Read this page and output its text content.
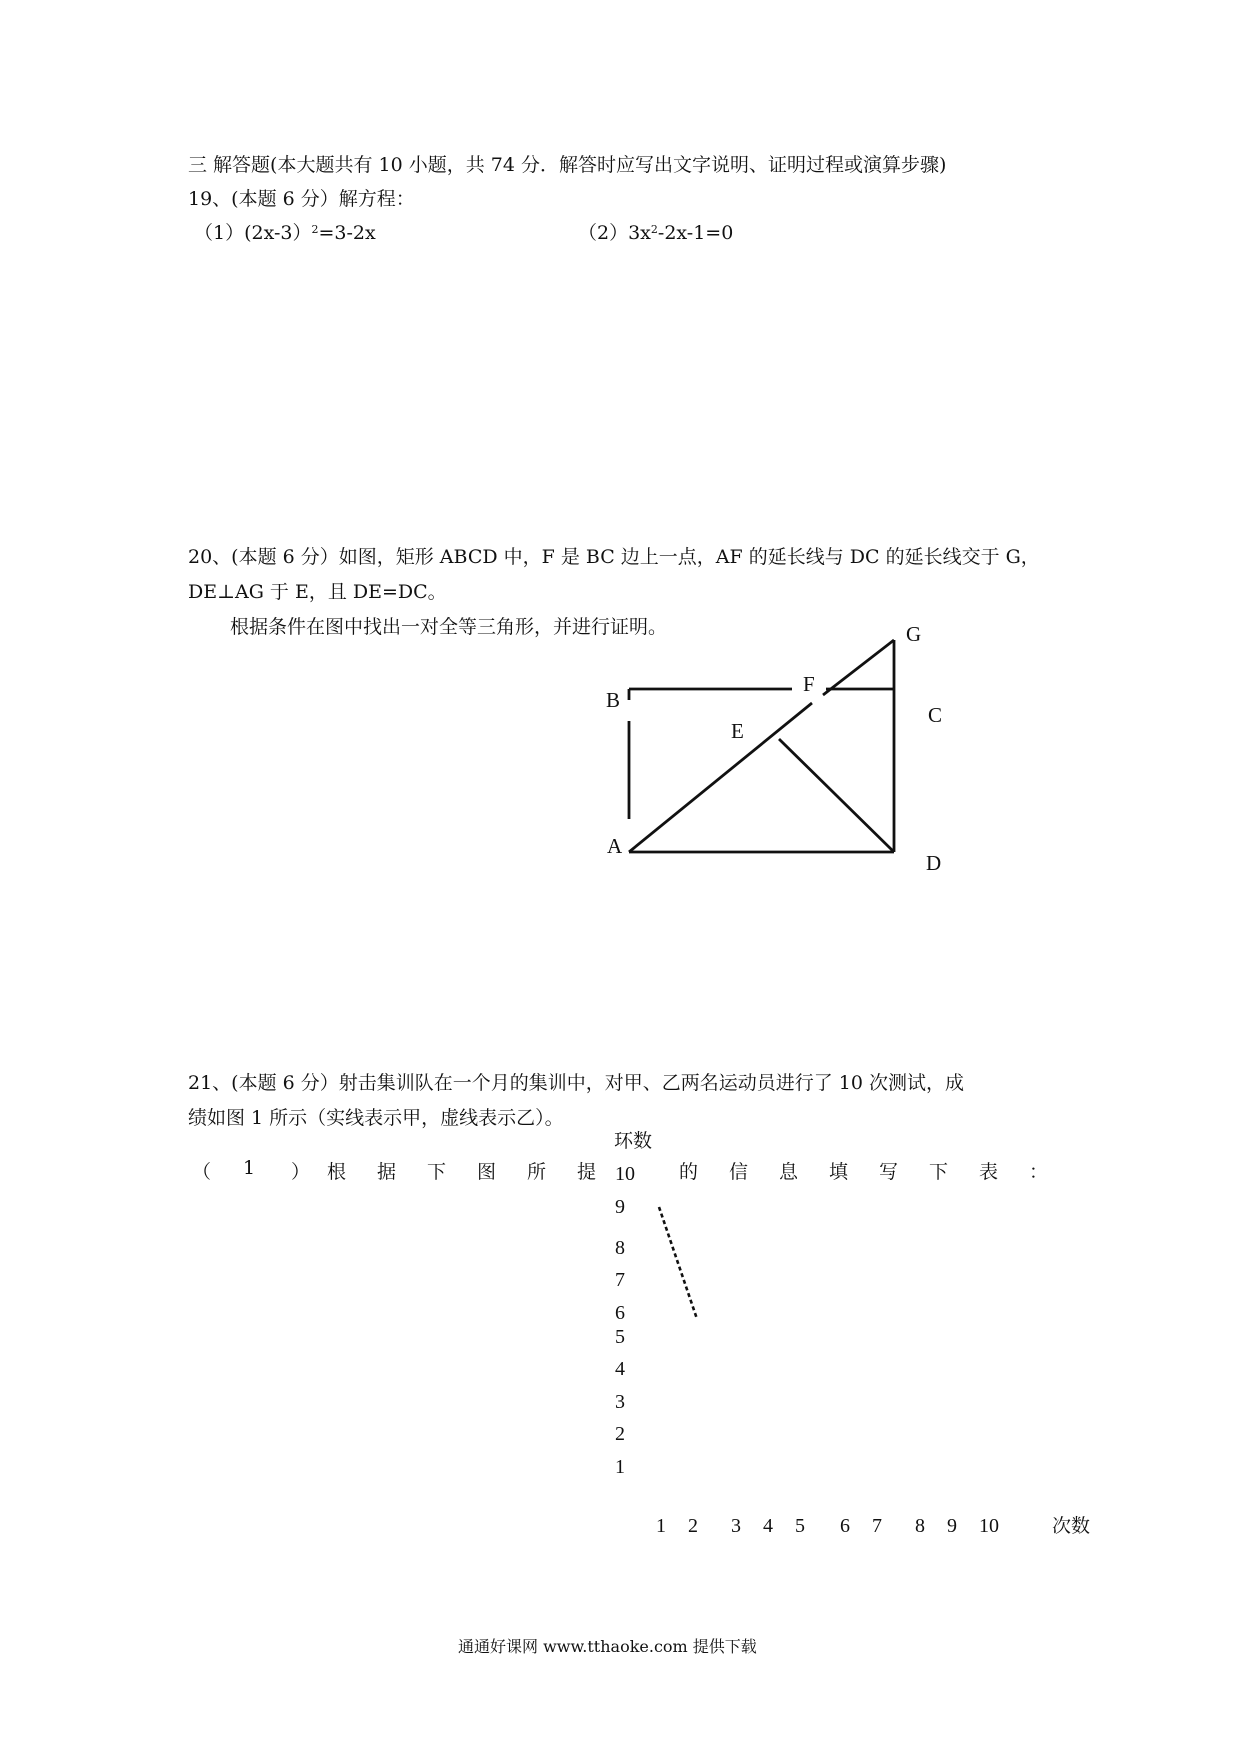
三 解答题(本大题共有 10 小题，共 74 分．解答时应写出文字说明、证明过程或演算步骤)
19、(本题 6 分）解方程：
（1）(2x-3）$^2$=3-2x	$(2)3x^2-2x-1=0$
20、(本题 6 分）如图，矩形 ABCD 中，F 是 BC 边上一点，AF 的延长线与 DC 的延长线交于 G，
DE⊥AG 于 E，且 DE=DC。
根据条件在图中找出一对全等三角形，并进行证明。	G
F
B
C
E
A
D
21、(本题 6 分）射击集训队在一个月的集训中，对甲、乙两名运动员进行了 10 次测试，成
绩如图 1 所示（实线表示甲，虚线表示乙）。
（ 1 ） 根 据 下 图 所 提	的 信 息 填 写 下 表 ：
环数
10
9
8
7
6
5
4
3
2
1
1 2 3 4 5 6 7 8 9 10	次数
通通好课网 www.tthaoke.com 提供下载
